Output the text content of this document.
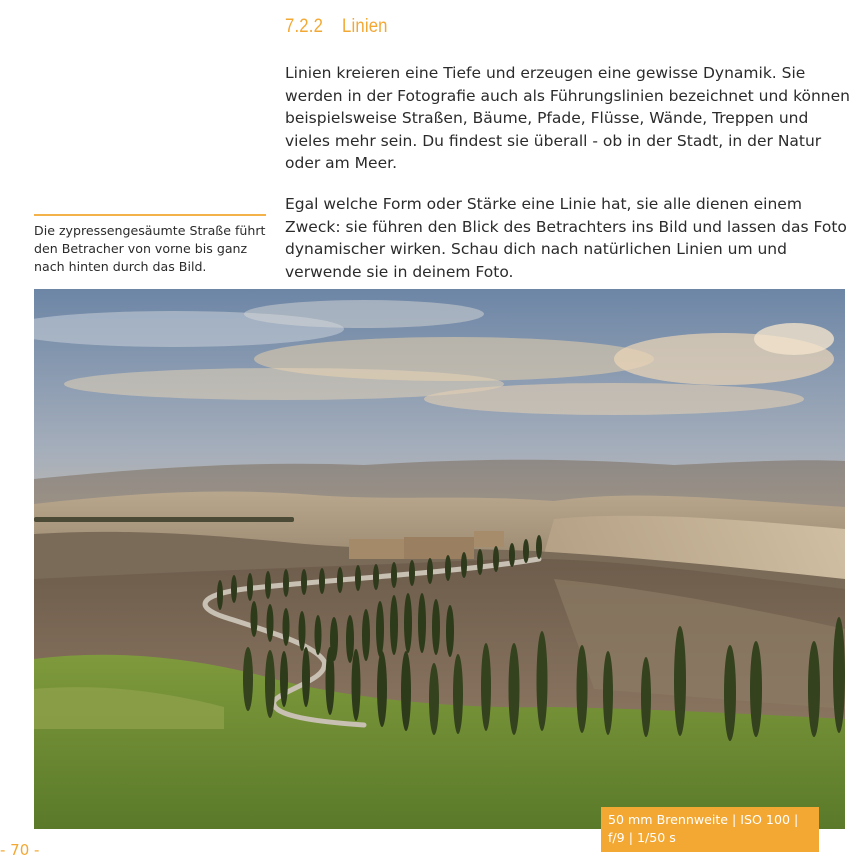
7.2.2 Linien

Linien kreieren eine Tiefe und erzeugen eine gewisse Dynamik. Sie werden in der Fotografie auch als Führungslinien bezeichnet und können beispielsweise Straßen, Bäume, Pfade, Flüsse, Wände, Treppen und vieles mehr sein. Du findest sie überall - ob in der Stadt, in der Natur oder am Meer.

Egal welche Form oder Stärke eine Linie hat, sie alle dienen einem Zweck: sie führen den Blick des Betrachters ins Bild und lassen das Foto dynamischer wirken. Schau dich nach natürlichen Linien um und verwende sie in deinem Foto.

Die zypressengesäumte Straße führt den Betracher von vorne bis ganz nach hinten durch das Bild.

50 mm Brennweite | ISO 100 |
f/9 | 1/50 s
- 70 -
